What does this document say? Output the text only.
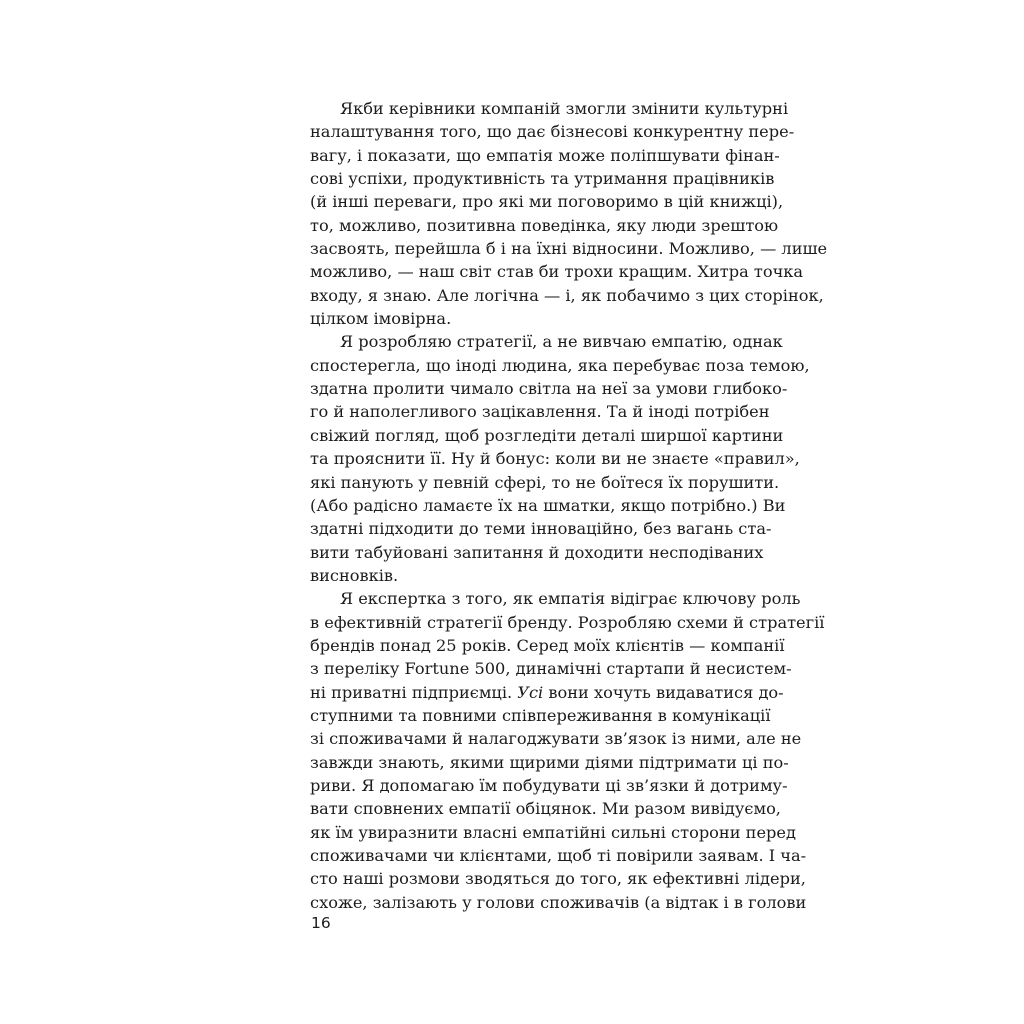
Якби керівники компаній змогли змінити культурні
налаштування того, що дає бізнесові конкурентну пере-
вагу, і показати, що емпатія може поліпшувати фінан-
сові успіхи, продуктивність та утримання працівників
(й інші переваги, про які ми поговоримо в цій книжці),
то, можливо, позитивна поведінка, яку люди зрештою
засвоять, перейшла б і на їхні відносини. Можливо, — лише
можливо, — наш світ став би трохи кращим. Хитра точка
входу, я знаю. Але логічна — і, як побачимо з цих сторінок,
цілком імовірна.
Я розробляю стратегії, а не вивчаю емпатію, однак
спостерегла, що іноді людина, яка перебуває поза темою,
здатна пролити чимало світла на неї за умови глибоко-
го й наполегливого зацікавлення. Та й іноді потрібен
свіжий погляд, щоб розгледіти деталі ширшої картини
та прояснити її. Ну й бонус: коли ви не знаєте «правил»,
які панують у певній сфері, то не боїтеся їх порушити.
(Або радісно ламаєте їх на шматки, якщо потрібно.) Ви
здатні підходити до теми інноваційно, без вагань ста-
вити табуйовані запитання й доходити несподіваних
висновків.
Я експертка з того, як емпатія відіграє ключову роль
в ефективній стратегії бренду. Розробляю схеми й стратегії
брендів понад 25 років. Серед моїх клієнтів — компанії
з переліку Fortune 500, динамічні стартапи й несистем-
ні приватні підприємці. Усі вони хочуть видаватися до-
ступними та повними співпереживання в комунікації
зі споживачами й налагоджувати зв’язок із ними, але не
завжди знають, якими щирими діями підтримати ці по-
риви. Я допомагаю їм побудувати ці зв’язки й дотриму-
вати сповнених емпатії обіцянок. Ми разом вивідуємо,
як їм увиразнити власні емпатійні сильні сторони перед
споживачами чи клієнтами, щоб ті повірили заявам. І ча-
сто наші розмови зводяться до того, як ефективні лідери,
схоже, залізають у голови споживачів (а відтак і в голови
16
